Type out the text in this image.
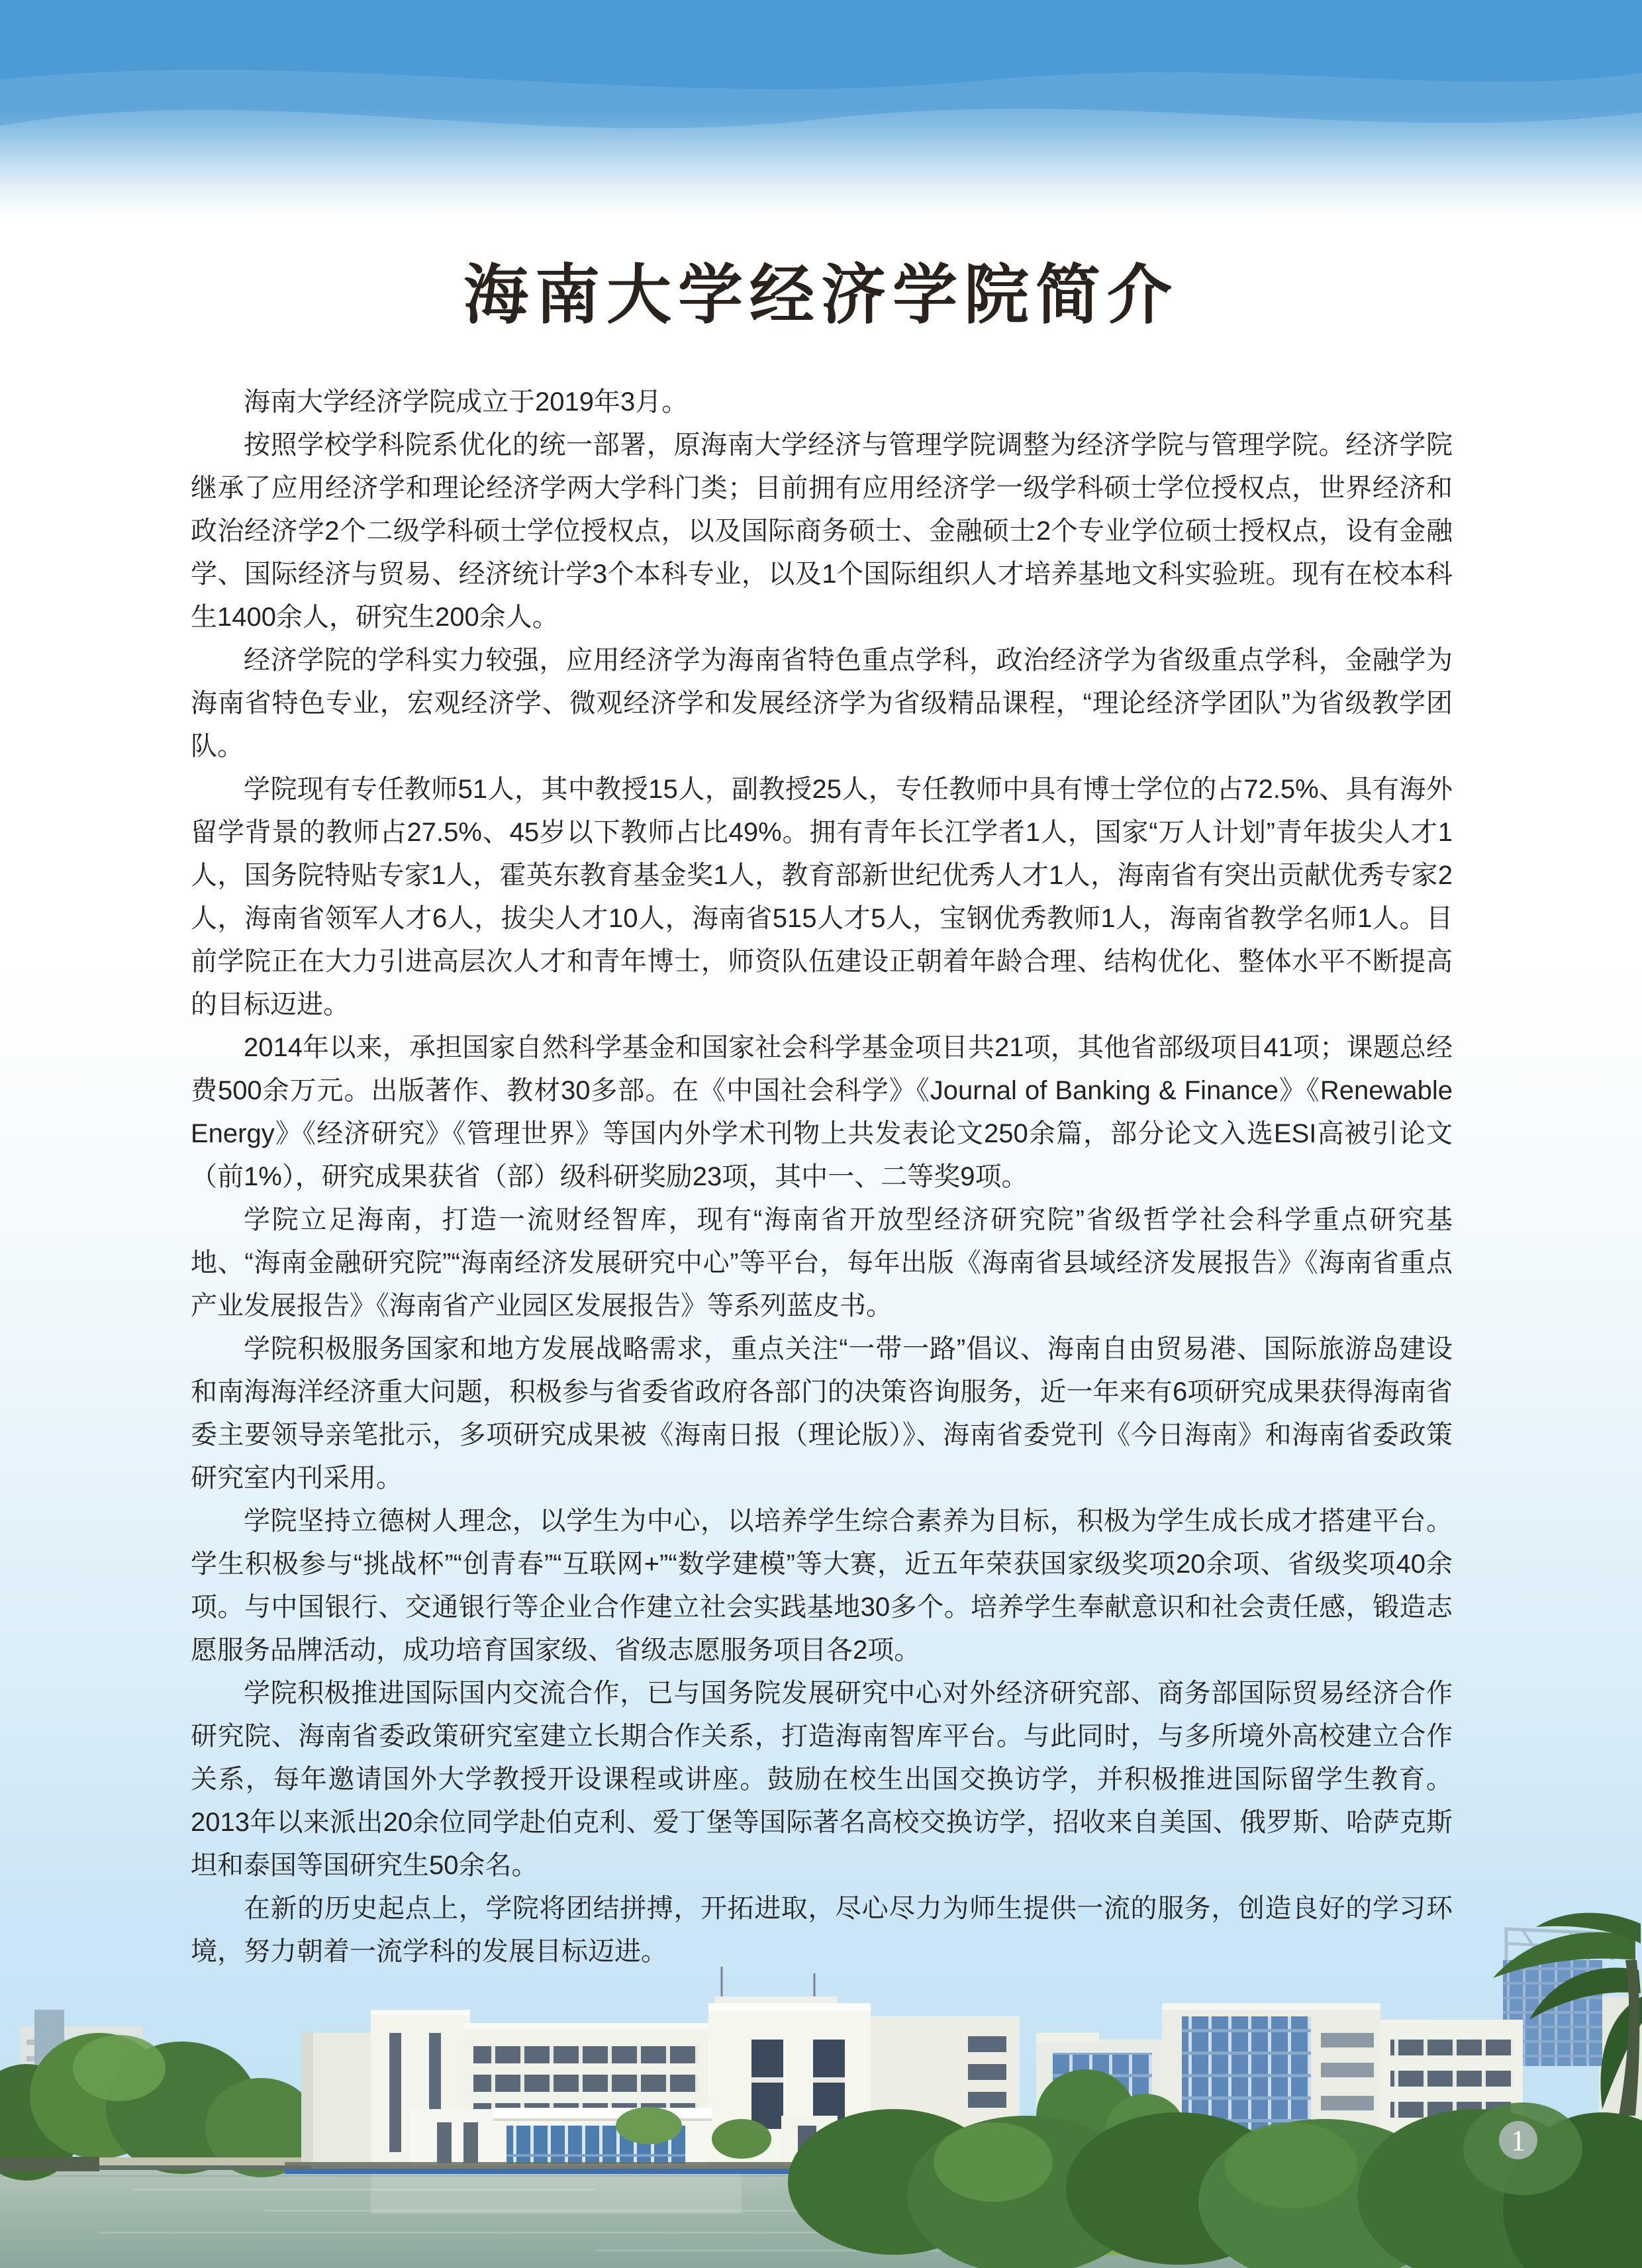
海南大学经济学院简介

海南大学经济学院成立于2019年3月。

按照学校学科院系优化的统一部署，原海南大学经济与管理学院调整为经济学院与管理学院。经济学院继承了应用经济学和理论经济学两大学科门类；目前拥有应用经济学一级学科硕士学位授权点，世界经济和政治经济学2个二级学科硕士学位授权点，以及国际商务硕士、金融硕士2个专业学位硕士授权点，设有金融学、国际经济与贸易、经济统计学3个本科专业，以及1个国际组织人才培养基地文科实验班。现有在校本科生1400余人，研究生200余人。

经济学院的学科实力较强，应用经济学为海南省特色重点学科，政治经济学为省级重点学科，金融学为海南省特色专业，宏观经济学、微观经济学和发展经济学为省级精品课程，“理论经济学团队”为省级教学团队。

学院现有专任教师51人，其中教授15人，副教授25人，专任教师中具有博士学位的占72.5%、具有海外留学背景的教师占27.5%、45岁以下教师占比49%。拥有青年长江学者1人，国家“万人计划”青年拔尖人才1人，国务院特贴专家1人，霍英东教育基金奖1人，教育部新世纪优秀人才1人，海南省有突出贡献优秀专家2人，海南省领军人才6人，拔尖人才10人，海南省515人才5人，宝钢优秀教师1人，海南省教学名师1人。目前学院正在大力引进高层次人才和青年博士，师资队伍建设正朝着年龄合理、结构优化、整体水平不断提高的目标迈进。

2014年以来，承担国家自然科学基金和国家社会科学基金项目共21项，其他省部级项目41项；课题总经费500余万元。出版著作、教材30多部。在《中国社会科学》《Journal of Banking & Finance》《Renewable Energy》《经济研究》《管理世界》等国内外学术刊物上共发表论文250余篇，部分论文入选ESI高被引论文（前1%），研究成果获省（部）级科研奖励23项，其中一、二等奖9项。

学院立足海南，打造一流财经智库，现有“海南省开放型经济研究院”省级哲学社会科学重点研究基地、“海南金融研究院”“海南经济发展研究中心”等平台，每年出版《海南省县域经济发展报告》《海南省重点产业发展报告》《海南省产业园区发展报告》等系列蓝皮书。

学院积极服务国家和地方发展战略需求，重点关注“一带一路”倡议、海南自由贸易港、国际旅游岛建设和南海海洋经济重大问题，积极参与省委省政府各部门的决策咨询服务，近一年来有6项研究成果获得海南省委主要领导亲笔批示，多项研究成果被《海南日报（理论版）》、海南省委党刊《今日海南》和海南省委政策研究室内刊采用。

学院坚持立德树人理念，以学生为中心，以培养学生综合素养为目标，积极为学生成长成才搭建平台。学生积极参与“挑战杯”“创青春”“互联网+”“数学建模”等大赛，近五年荣获国家级奖项20余项、省级奖项40余项。与中国银行、交通银行等企业合作建立社会实践基地30多个。培养学生奉献意识和社会责任感，锻造志愿服务品牌活动，成功培育国家级、省级志愿服务项目各2项。

学院积极推进国际国内交流合作，已与国务院发展研究中心对外经济研究部、商务部国际贸易经济合作研究院、海南省委政策研究室建立长期合作关系，打造海南智库平台。与此同时，与多所境外高校建立合作关系，每年邀请国外大学教授开设课程或讲座。鼓励在校生出国交换访学，并积极推进国际留学生教育。2013年以来派出20余位同学赴伯克利、爱丁堡等国际著名高校交换访学，招收来自美国、俄罗斯、哈萨克斯坦和泰国等国研究生50余名。

在新的历史起点上，学院将团结拼搏，开拓进取，尽心尽力为师生提供一流的服务，创造良好的学习环境，努力朝着一流学科的发展目标迈进。

1
